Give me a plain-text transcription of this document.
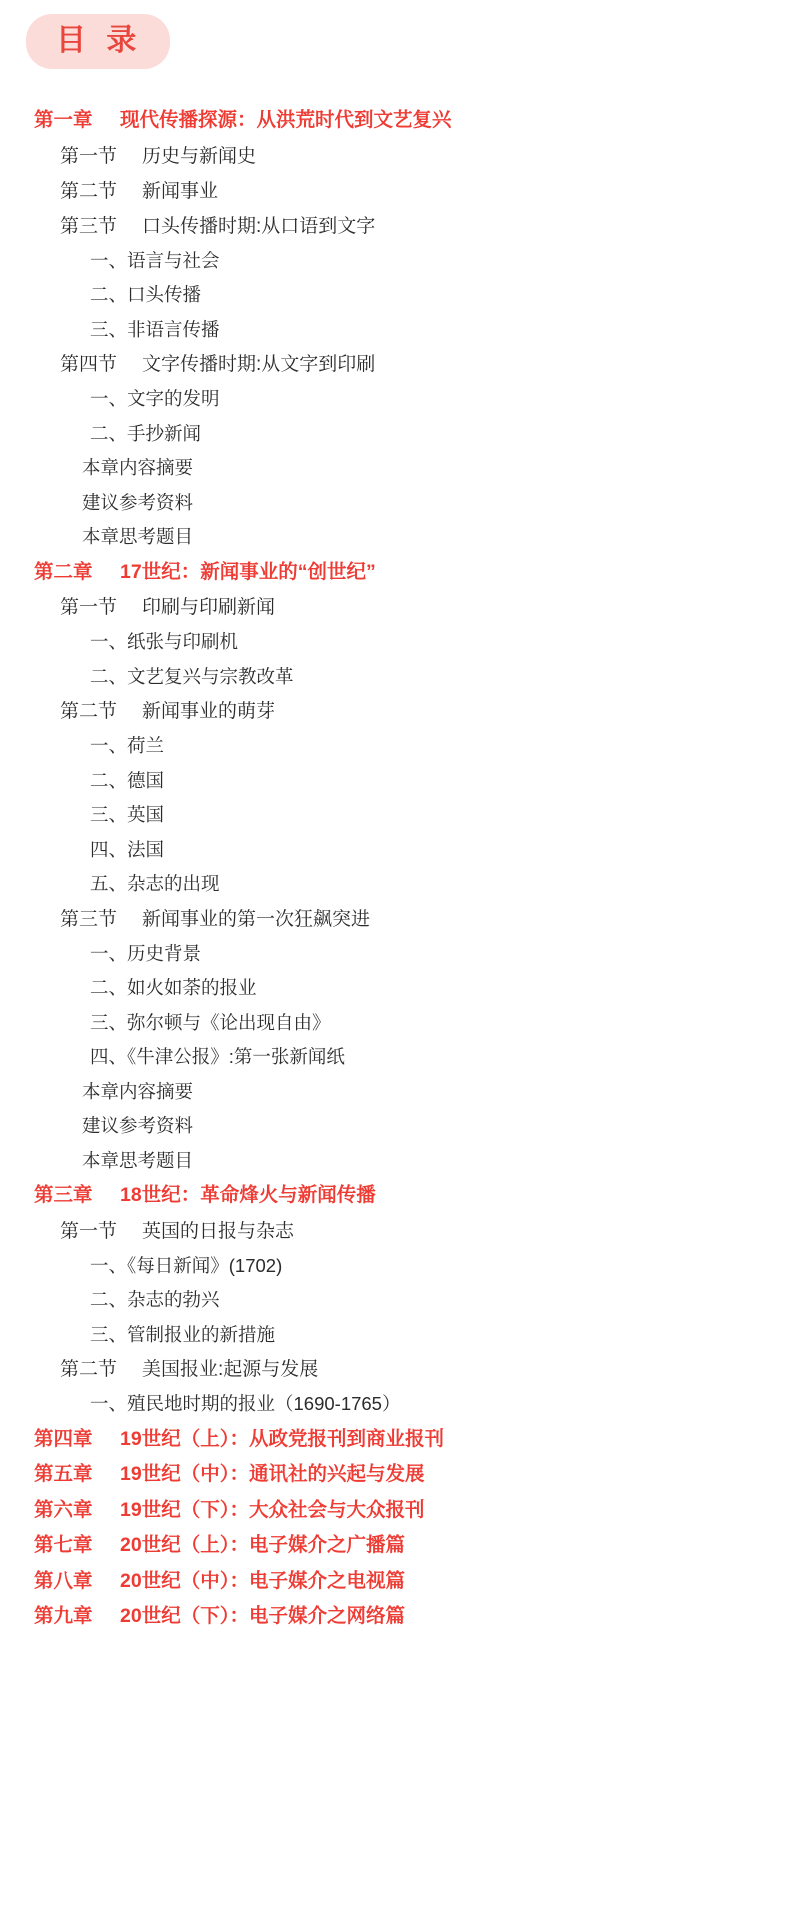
目 录
第一章 现代传播探源：从洪荒时代到文艺复兴
第一节 历史与新闻史
第二节 新闻事业
第三节 口头传播时期:从口语到文字
一、语言与社会
二、口头传播
三、非语言传播
第四节 文字传播时期:从文字到印刷
一、文字的发明
二、手抄新闻
本章内容摘要
建议参考资料
本章思考题目
第二章 17世纪：新闻事业的“创世纪”
第一节 印刷与印刷新闻
一、纸张与印刷机
二、文艺复兴与宗教改革
第二节 新闻事业的萌芽
一、荷兰
二、德国
三、英国
四、法国
五、杂志的出现
第三节 新闻事业的第一次狂飙突进
一、历史背景
二、如火如荼的报业
三、弥尔顿与《论出现自由》
四、《牛津公报》:第一张新闻纸
本章内容摘要
建议参考资料
本章思考题目
第三章 18世纪：革命烽火与新闻传播
第一节 英国的日报与杂志
一、《每日新闻》(1702)
二、杂志的勃兴
三、管制报业的新措施
第二节 美国报业:起源与发展
一、殖民地时期的报业（1690-1765）
第四章 19世纪（上）：从政党报刊到商业报刊
第五章 19世纪（中）：通讯社的兴起与发展
第六章 19世纪（下）：大众社会与大众报刊
第七章 20世纪（上）：电子媒介之广播篇
第八章 20世纪（中）：电子媒介之电视篇
第九章 20世纪（下）：电子媒介之网络篇
